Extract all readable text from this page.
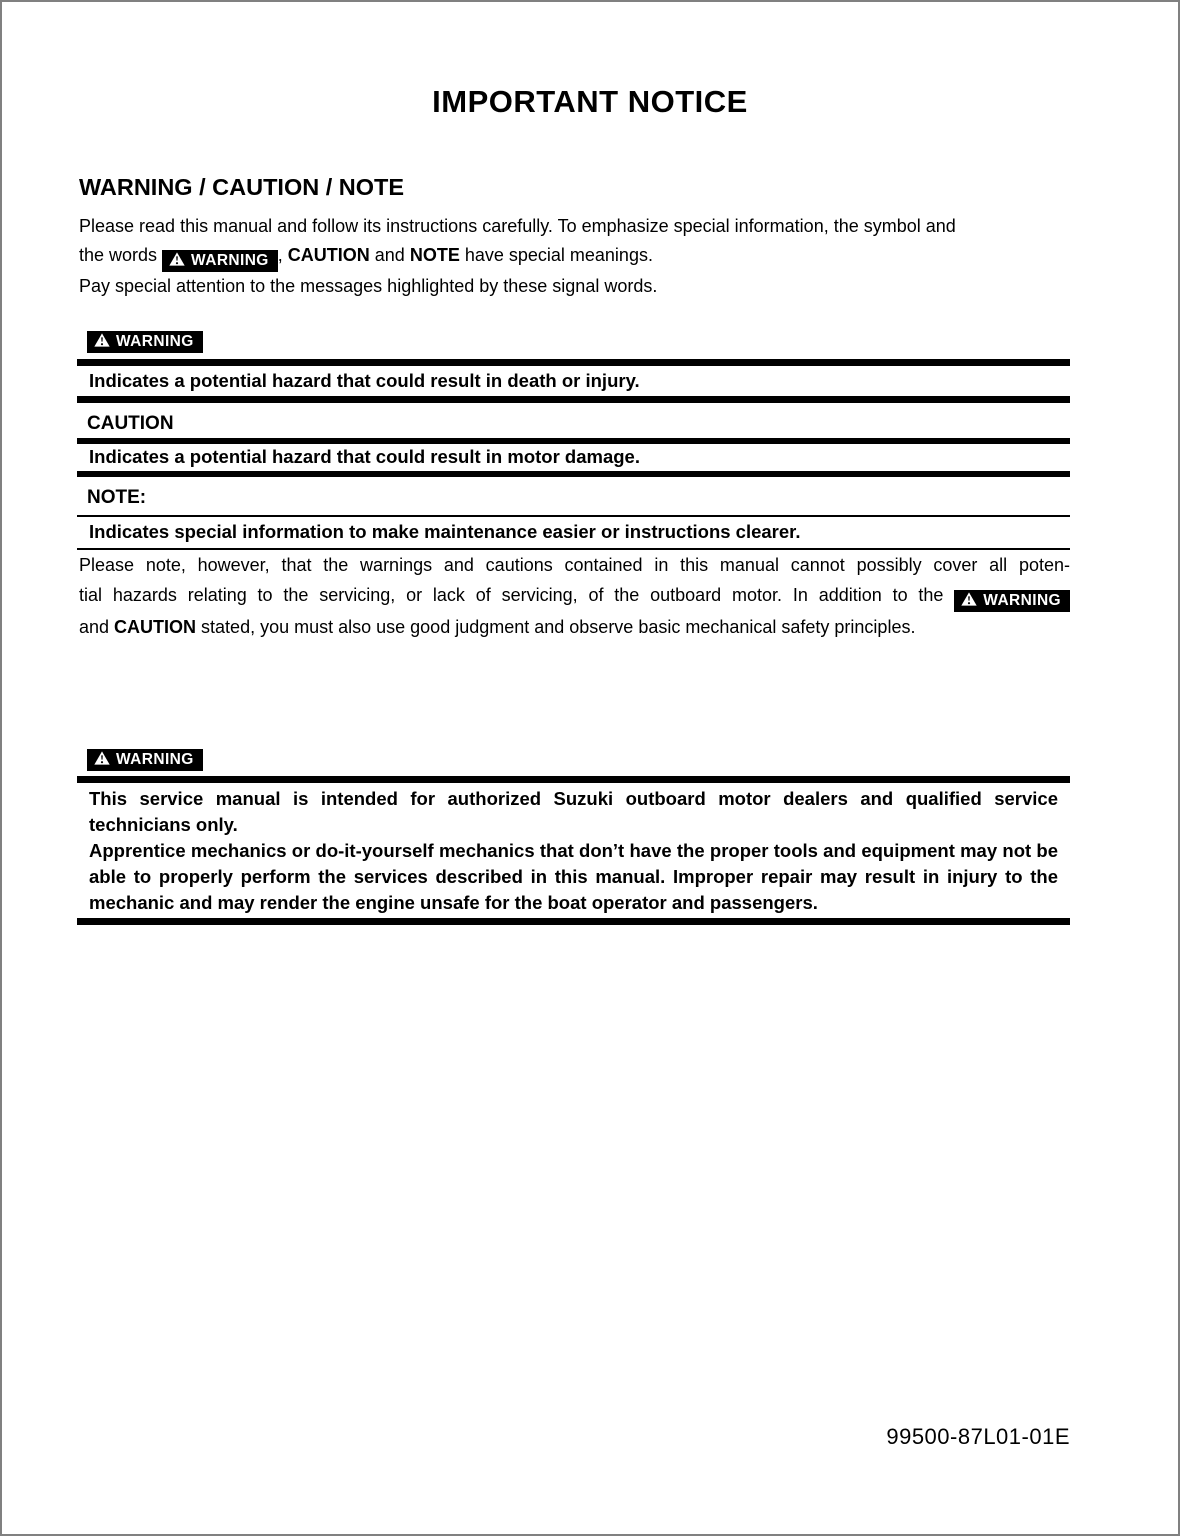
IMPORTANT NOTICE
WARNING / CAUTION / NOTE

Please read this manual and follow its instructions carefully. To emphasize special information, the symbol and

the words WARNING , CAUTION and NOTE have special meanings.

Pay special attention to the messages highlighted by these signal words.

WARNING
Indicates a potential hazard that could result in death or injury.
CAUTION
Indicates a potential hazard that could result in motor damage.
NOTE:
Indicates special information to make maintenance easier or instructions clearer.

Please note, however, that the warnings and cautions contained in this manual cannot possibly cover all poten-

tial hazards relating to the servicing, or lack of servicing, of the outboard motor. In addition to the WARNING

and CAUTION stated, you must also use good judgment and observe basic mechanical safety principles.

WARNING

This service manual is intended for authorized Suzuki outboard motor dealers and qualified service technicians only.

Apprentice mechanics or do-it-yourself mechanics that don’t have the proper tools and equipment may not be able to properly perform the services described in this manual. Improper repair may result in injury to the mechanic and may render the engine unsafe for the boat operator and passengers.

99500-87L01-01E
